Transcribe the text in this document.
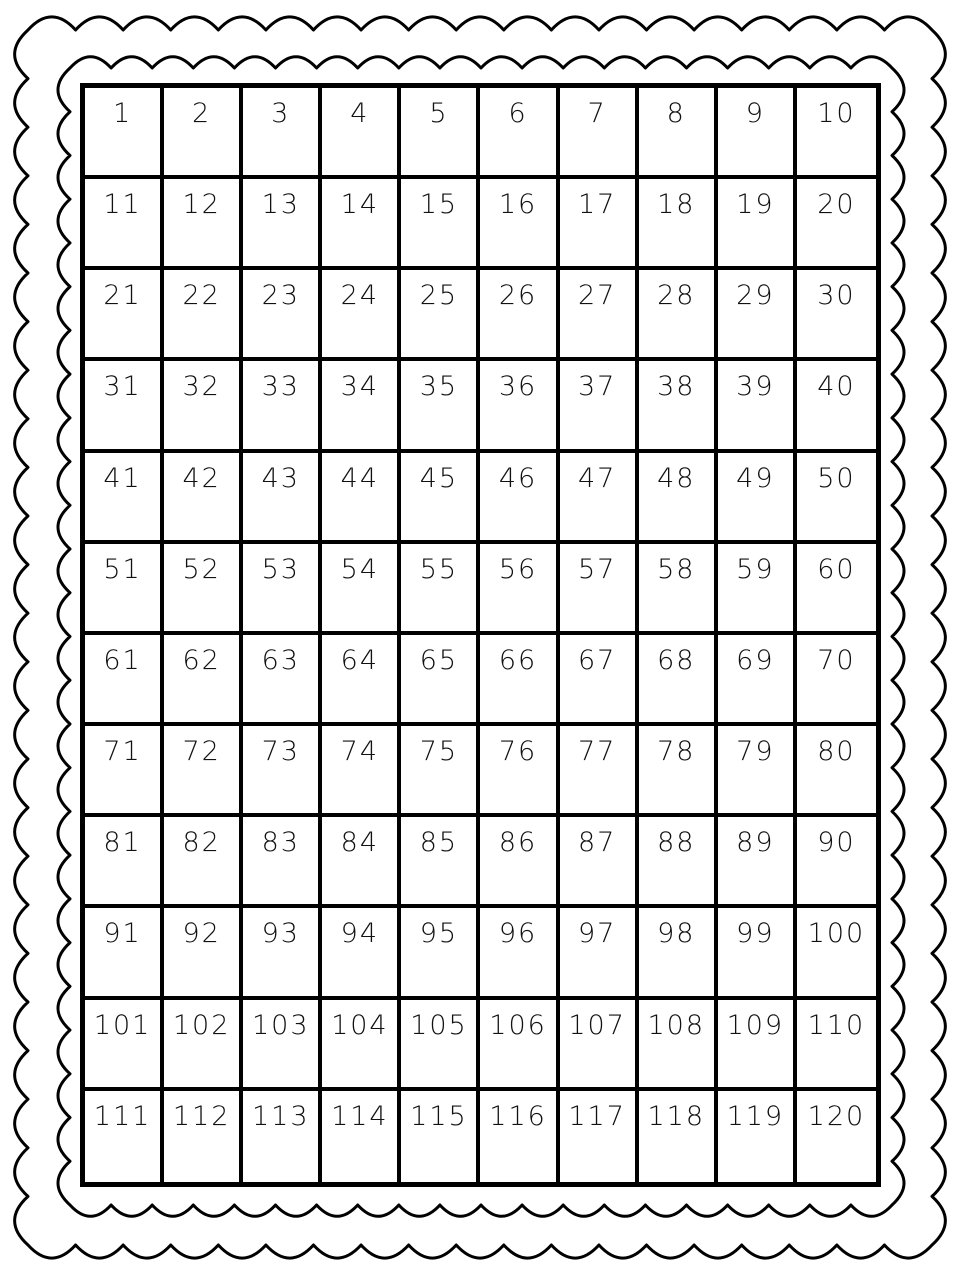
1	2	3	4	5	6	7	8	9	10
11	12	13	14	15	16	17	18	19	20
21	22	23	24	25	26	27	28	29	30
31	32	33	34	35	36	37	38	39	40
41	42	43	44	45	46	47	48	49	50
51	52	53	54	55	56	57	58	59	60
61	62	63	64	65	66	67	68	69	70
71	72	73	74	75	76	77	78	79	80
81	82	83	84	85	86	87	88	89	90
91	92	93	94	95	96	97	98	99	100
101 102 103 104 105 106 107 108 109 110
111 112 113 114 115 116 117 118 119 120
